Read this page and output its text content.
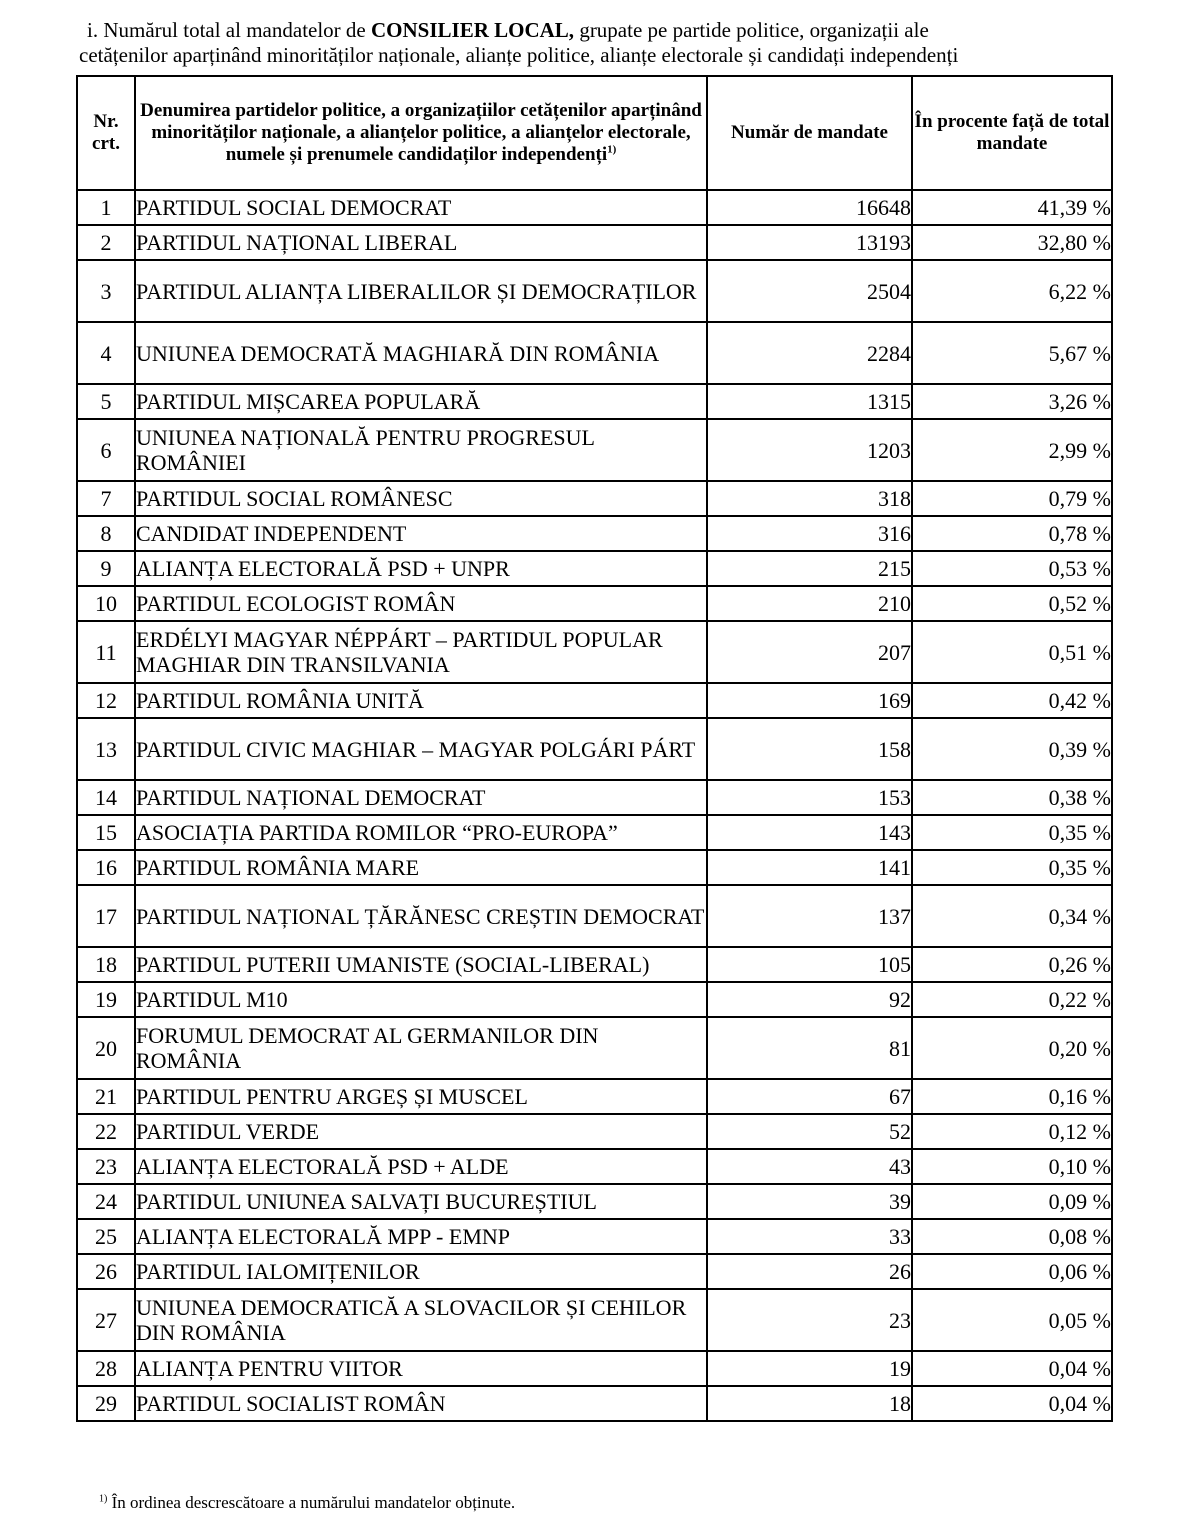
i. Numărul total al mandatelor de CONSILIER LOCAL, grupate pe partide politice, organizații ale
cetățenilor aparținând minorităților naționale, alianțe politice, alianțe electorale și candidați independenți
Nr. crt.	Denumirea partidelor politice, a organizațiilor cetățenilor aparținând minorităților naționale, a alianțelor politice, a alianțelor electorale, numele și prenumele candidaților independenți$^{1)}$	Număr de mandate	În procente față de total mandate
1	PARTIDUL SOCIAL DEMOCRAT	16648	41,39 %
2	PARTIDUL NAȚIONAL LIBERAL	13193	32,80 %
3	PARTIDUL ALIANȚA LIBERALILOR ȘI DEMOCRAȚILOR	2504	6,22 %
4	UNIUNEA DEMOCRATĂ MAGHIARĂ DIN ROMÂNIA	2284	5,67 %
5	PARTIDUL MIȘCAREA POPULARĂ	1315	3,26 %
6	UNIUNEA NAȚIONALĂ PENTRU PROGRESUL ROMÂNIEI	1203	2,99 %
7	PARTIDUL SOCIAL ROMÂNESC	318	0,79 %
8	CANDIDAT INDEPENDENT	316	0,78 %
9	ALIANȚA ELECTORALĂ PSD + UNPR	215	0,53 %
10	PARTIDUL ECOLOGIST ROMÂN	210	0,52 %
11	ERDÉLYI MAGYAR NÉPPÁRT – PARTIDUL POPULAR MAGHIAR DIN TRANSILVANIA	207	0,51 %
12	PARTIDUL ROMÂNIA UNITĂ	169	0,42 %
13	PARTIDUL CIVIC MAGHIAR – MAGYAR POLGÁRI PÁRT	158	0,39 %
14	PARTIDUL NAȚIONAL DEMOCRAT	153	0,38 %
15	ASOCIAȚIA PARTIDA ROMILOR “PRO-EUROPA”	143	0,35 %
16	PARTIDUL ROMÂNIA MARE	141	0,35 %
17	PARTIDUL NAȚIONAL ȚĂRĂNESC CREȘTIN DEMOCRAT	137	0,34 %
18	PARTIDUL PUTERII UMANISTE (SOCIAL-LIBERAL)	105	0,26 %
19	PARTIDUL M10	92	0,22 %
20	FORUMUL DEMOCRAT AL GERMANILOR DIN ROMÂNIA	81	0,20 %
21	PARTIDUL PENTRU ARGEȘ ȘI MUSCEL	67	0,16 %
22	PARTIDUL VERDE	52	0,12 %
23	ALIANȚA ELECTORALĂ PSD + ALDE	43	0,10 %
24	PARTIDUL UNIUNEA SALVAȚI BUCUREȘTIUL	39	0,09 %
25	ALIANȚA ELECTORALĂ MPP - EMNP	33	0,08 %
26	PARTIDUL IALOMIȚENILOR	26	0,06 %
27	UNIUNEA DEMOCRATICĂ A SLOVACILOR ȘI CEHILOR DIN ROMÂNIA	23	0,05 %
28	ALIANȚA PENTRU VIITOR	19	0,04 %
29	PARTIDUL SOCIALIST ROMÂN	18	0,04 %
$^{1)}$ În ordinea descrescătoare a numărului mandatelor obținute.
